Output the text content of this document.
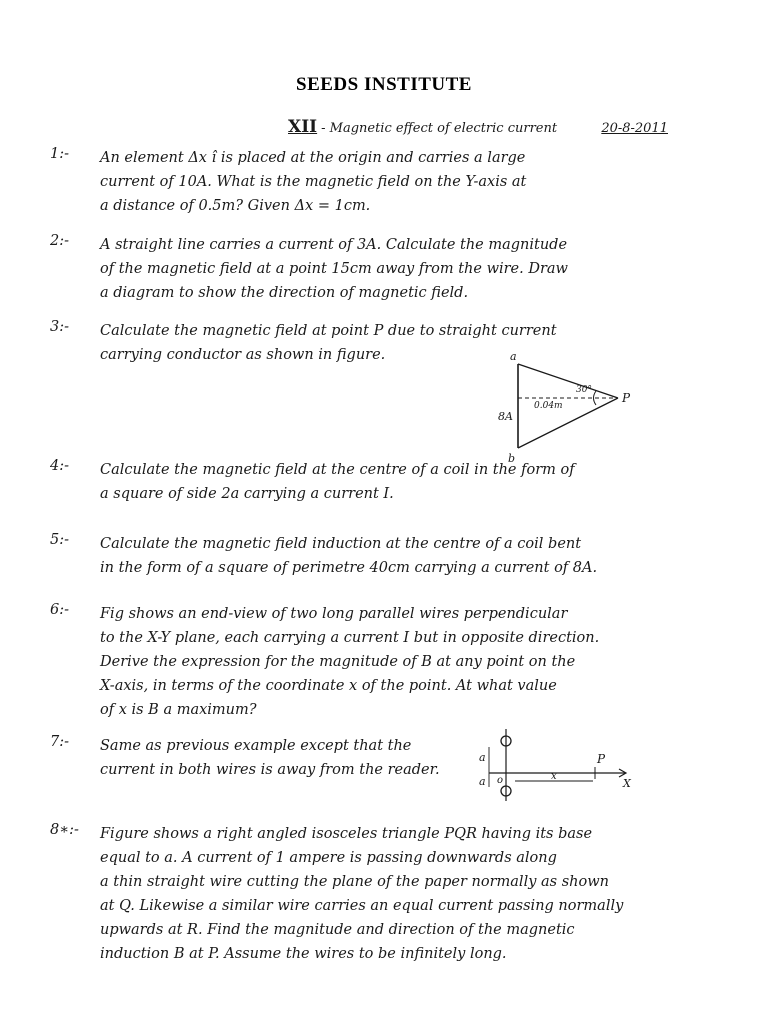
SEEDS INSTITUTE
XII - Magnetic effect of electric current	20-8-2011
1:-	An element Δx î is placed at the origin and carries a large
current of 10A. What is the magnetic field on the Y-axis at
a distance of 0.5m? Given Δx = 1cm.
2:-	A straight line carries a current of 3A. Calculate the magnitude
of the magnetic field at a point 15cm away from the wire. Draw
a diagram to show the direction of magnetic field.
3:-	Calculate the magnetic field at point P due to straight current
carrying conductor as shown in figure.	a
b
8A
30°
0.04m
P
4:-	Calculate the magnetic field at the centre of a coil in the form of
a square of side 2a carrying a current I.
5:-	Calculate the magnetic field induction at the centre of a coil bent
in the form of a square of perimetre 40cm carrying a current of 8A.
6:-	Fig shows an end-view of two long parallel wires perpendicular
to the X-Y plane, each carrying a current I but in opposite direction.
Derive the expression for the magnitude of B at any point on the
X-axis, in terms of the coordinate x of the point. At what value
of x is B a maximum?
7:-	Same as previous example except that the
current in both wires is away from the reader.
a
a o
P
x
X
8∗:-	Figure shows a right angled isosceles triangle PQR having its base
equal to a. A current of 1 ampere is passing downwards along
a thin straight wire cutting the plane of the paper normally as shown
at Q. Likewise a similar wire carries an equal current passing normally
upwards at R. Find the magnitude and direction of the magnetic
induction B at P. Assume the wires to be infinitely long.
